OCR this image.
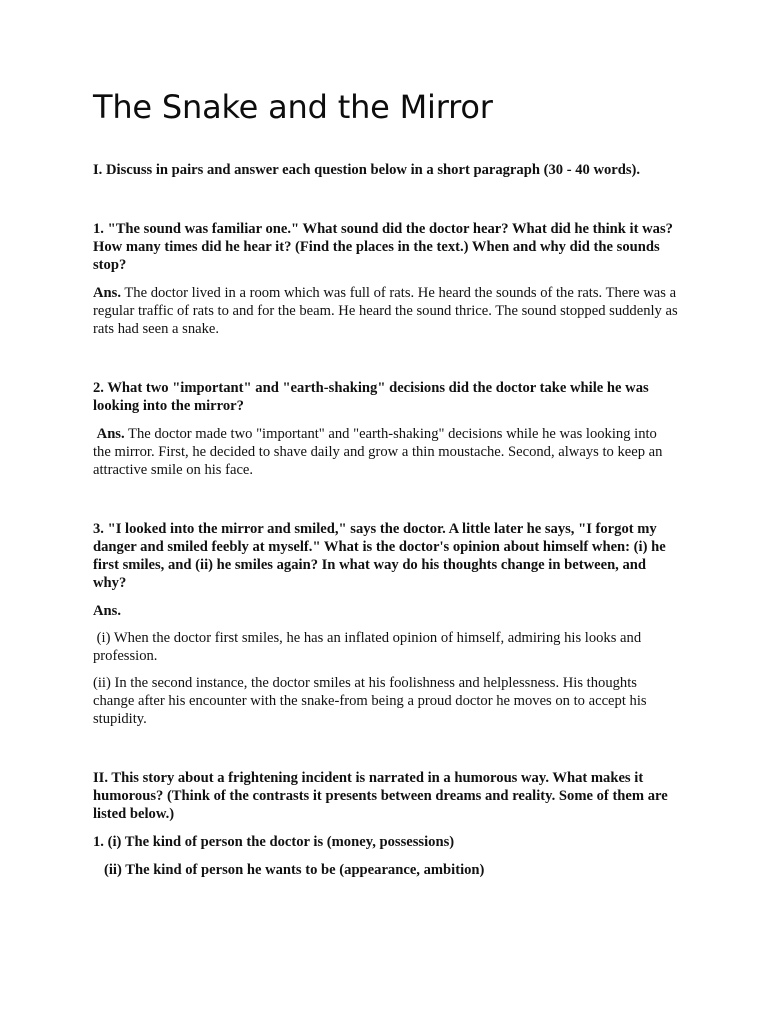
The Snake and the Mirror

I. Discuss in pairs and answer each question below in a short paragraph (30 - 40 words).

1. "The sound was familiar one." What sound did the doctor hear? What did he think it was? How many times did he hear it? (Find the places in the text.) When and why did the sounds stop?

Ans. The doctor lived in a room which was full of rats. He heard the sounds of the rats. There was a regular traffic of rats to and for the beam. He heard the sound thrice. The sound stopped suddenly as rats had seen a snake.

2. What two "important" and "earth-shaking" decisions did the doctor take while he was looking into the mirror?

Ans. The doctor made two "important" and "earth-shaking" decisions while he was looking into the mirror. First, he decided to shave daily and grow a thin moustache. Second, always to keep an attractive smile on his face.

3. "I looked into the mirror and smiled," says the doctor. A little later he says, "I forgot my danger and smiled feebly at myself." What is the doctor's opinion about himself when: (i) he first smiles, and (ii) he smiles again? In what way do his thoughts change in between, and why?

Ans.

(i) When the doctor first smiles, he has an inflated opinion of himself, admiring his looks and profession.

(ii) In the second instance, the doctor smiles at his foolishness and helplessness. His thoughts change after his encounter with the snake-from being a proud doctor he moves on to accept his stupidity.

II. This story about a frightening incident is narrated in a humorous way. What makes it humorous? (Think of the contrasts it presents between dreams and reality. Some of them are listed below.)

1. (i) The kind of person the doctor is (money, possessions)

(ii) The kind of person he wants to be (appearance, ambition)
